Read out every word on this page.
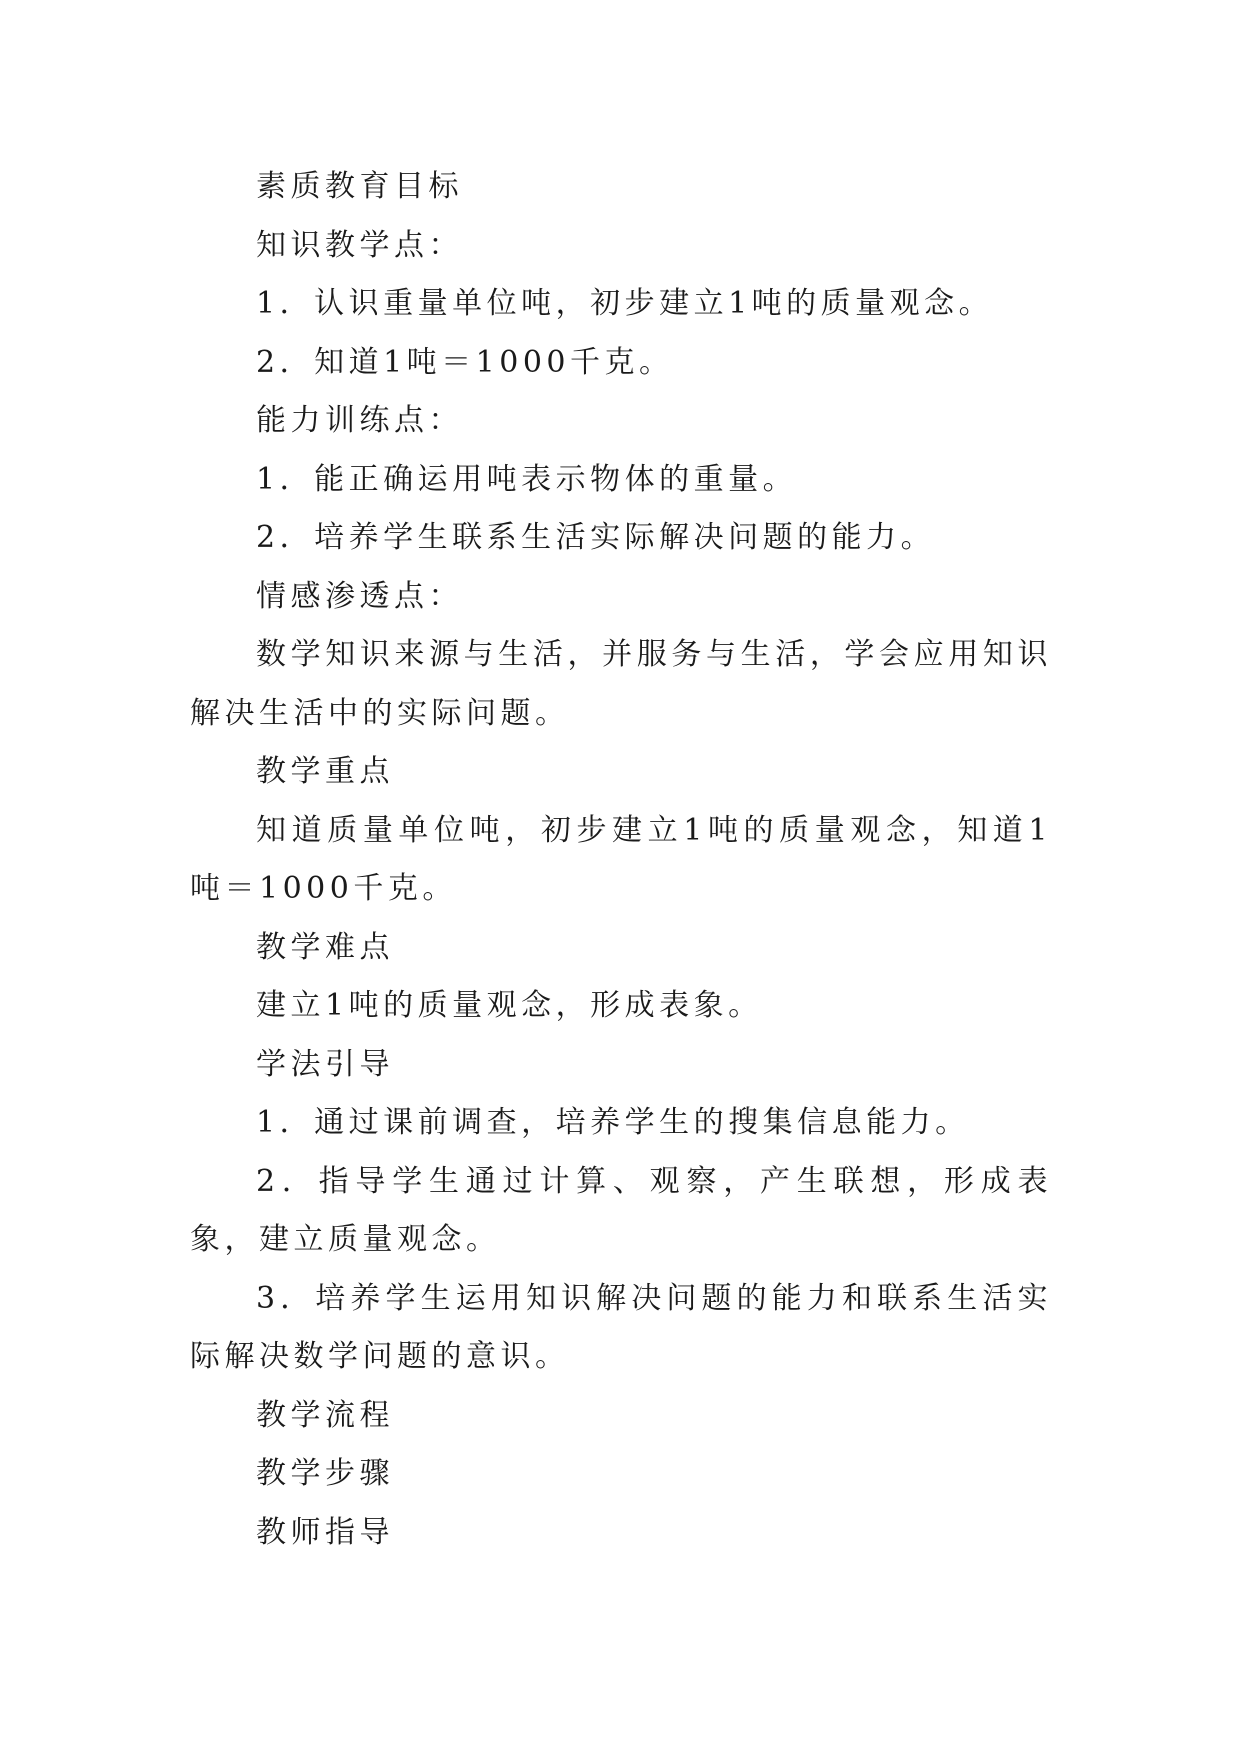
素质教育目标

知识教学点：

1．认识重量单位吨，初步建立1吨的质量观念。

2．知道1吨＝1000千克。

能力训练点：

1．能正确运用吨表示物体的重量。

2．培养学生联系生活实际解决问题的能力。

情感渗透点：

数学知识来源与生活，并服务与生活，学会应用知识解决生活中的实际问题。

教学重点

知道质量单位吨，初步建立1吨的质量观念，知道1吨＝1000千克。

教学难点

建立1吨的质量观念，形成表象。

学法引导

1．通过课前调查，培养学生的搜集信息能力。

2．指导学生通过计算、观察，产生联想，形成表象，建立质量观念。

3．培养学生运用知识解决问题的能力和联系生活实际解决数学问题的意识。

教学流程

教学步骤

教师指导
